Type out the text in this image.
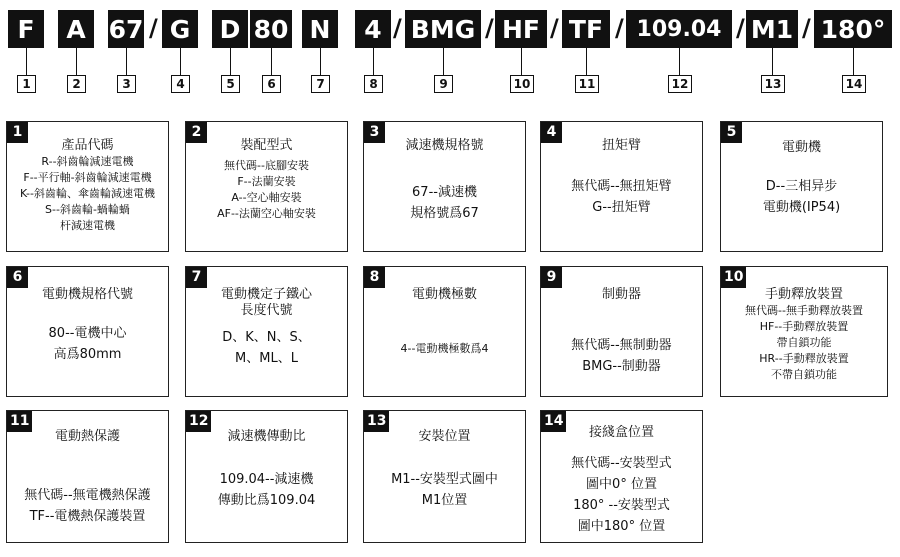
F
1
A
2
67
3
G
4
D
5
80
6
N
7
4
8
BMG
9
HF
10
TF
11
109.04
12
M1
13
180°
14
/	/	/ / /	/ /
1
產品代碼
R--斜齒輪減速電機
F--平行軸-斜齒輪減速電機
K--斜齒輪、傘齒輪減速電機
S--斜齒輪-蝸輪蝸
杆減速電機
2
裝配型式
無代碼--底腳安裝
F--法蘭安裝
A--空心軸安裝
AF--法蘭空心軸安裝
3
減速機規格號
67--減速機
規格號爲67
4
扭矩臂
無代碼--無扭矩臂
G--扭矩臂
5
電動機
D--三相异步
電動機(IP54)
6
電動機規格代號
80--電機中心
高爲80mm
7
電動機定子鐵心
長度代號
D、K、N、S、
M、ML、L
8
電動機極數
4--電動機極數爲4
9
制動器
無代碼--無制動器
BMG--制動器
10
手動釋放裝置
無代碼--無手動釋放裝置
HF--手動釋放裝置
帶自鎖功能
HR--手動釋放裝置
不帶自鎖功能
11
電動熱保護
無代碼--無電機熱保護
TF--電機熱保護裝置
12
減速機傳動比
109.04--減速機
傳動比爲109.04
13
安裝位置
M1--安裝型式圖中
M1位置
14
接綫盒位置
無代碼--安裝型式
圖中0° 位置
180° --安裝型式
圖中180° 位置
